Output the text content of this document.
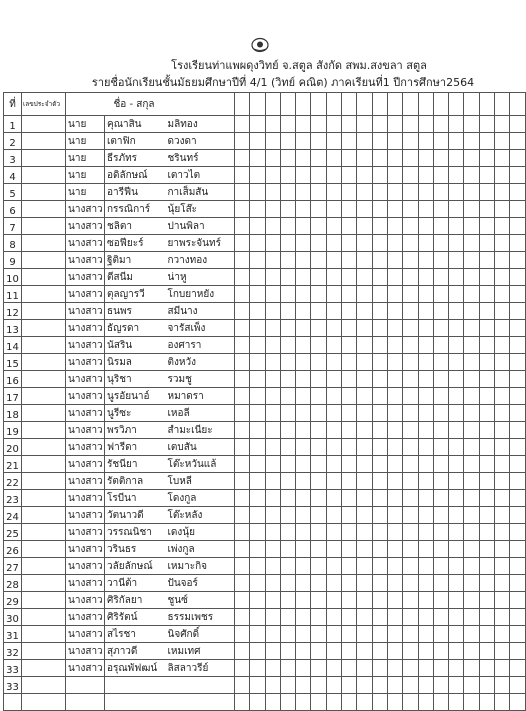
โรงเรียนท่าแพผดุงวิทย์ จ.สตูล สังกัด สพม.สงขลา สตูล
รายชื่อนักเรียนชั้นมัธยมศึกษาปีที่ 4/1 (วิทย์ คณิต) ภาคเรียนที่1 ปีการศึกษา2564
ที่	เลขประจำตัว		ชื่อ - สกุล																				
1		นาย	คุณาสิน	มลิทอง																			
2		นาย	เตาฟิก	ดวงดา																			
3		นาย	ธีรภัทร	ชรินทร์																			
4		นาย	อดิลักษณ์	เตาวไต																			
5		นาย	อารีฟีน	กาเส็มสัน																			
6		นางสาว	กรรณิการ์	นุ้ยโส๊ะ																			
7		นางสาว	ชลิตา	ปานพิลา																			
8		นางสาว	ซอฟียะร์	ยาพระจันทร์																			
9		นางสาว	ฐิติมา	กวางทอง																			
10		นางสาว	ตีสนีม	น่าหู																			
11		นางสาว	ตุลญารวี	โกบยาหยัง																			
12		นางสาว	ธนพร	สมีนาง																			
13		นางสาว	ธัญรดา	จารัสเพ็ง																			
14		นางสาว	นัสริน	องศารา																			
15		นางสาว	นิรมล	ติงหวัง																			
16		นางสาว	นุริชา	รวมชู																			
17		นางสาว	นูรอัยนาอ์	หมาดรา																			
18		นางสาว	นูรีซะ	เหอลี																			
19		นางสาว	พรวิภา	สำมะเนียะ																			
20		นางสาว	ฟารีดา	เตบสัน																			
21		นางสาว	รัชนียา	โต๊ะหวันแล้																			
22		นางสาว	รัตติกาล	โบหลี																			
23		นางสาว	โรบีนา	โดงกูล																			
24		นางสาว	วัตนาวดี	โต๊ะหลัง																			
25		นางสาว	วรรณนิชา	เดงนุ้ย																			
26		นางสาว	วรินธร	เพ่งกูล																			
27		นางสาว	วลัยลักษณ์	เหมาะกิจ																			
28		นางสาว	วานีต้า	ปันจอร์																			
29		นางสาว	ศิริกัลยา	ชูนซ์																			
30		นางสาว	ศิริรัตน์	ธรรมเพชร																			
31		นางสาว	สไรชา	นิจศักดิ์																			
32		นางสาว	สุภาวดี	เหมเทศ																			
33		นางสาว	อรุณพัฟฒน์	ลิสลาวรีย์																			
33																							
